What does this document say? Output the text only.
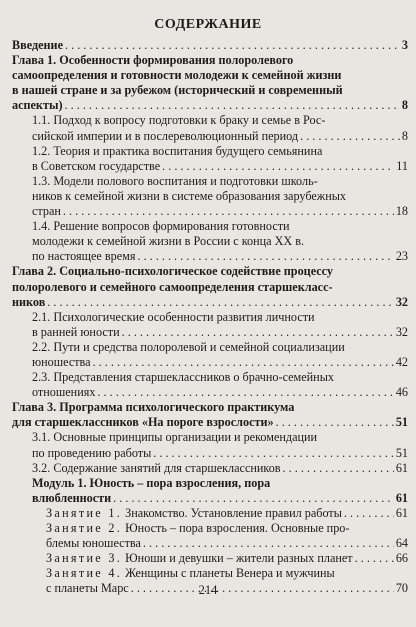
СОДЕРЖАНИЕ
Введение . . .	3
Глава 1. Особенности формирования полоролевого
самоопределения и готовности молодежи к семейной жизни
в нашей стране и за рубежом (исторический и современный
аспекты) . . .	8
1.1. Подход к вопросу подготовки к браку и семье в Рос-
сийской империи и в послереволюционный период . . .	8
1.2. Теория и практика воспитания будущего семьянина
в Советском государстве . . .	11
1.3. Модели полового воспитания и подготовки школь-
ников к семейной жизни в системе образования зарубежных
стран . . .	18
1.4. Решение вопросов формирования готовности
молодежи к семейной жизни в России с конца XX в.
по настоящее время . . .	23
Глава 2. Социально-психологическое содействие процессу
полоролевого и семейного самоопределения старшекласс-
ников . . .	32
2.1. Психологические особенности развития личности
в ранней юности . . .	32
2.2. Пути и средства полоролевой и семейной социализации
юношества . . .	42
2.3. Представления старшеклассников о брачно-семейных
отношениях . . .	46
Глава 3. Программа психологического практикума
для старшеклассников «На пороге взрослости» . . .	51
3.1. Основные принципы организации и рекомендации
по проведению работы . . .	51
3.2. Содержание занятий для старшеклассников . . .	61
Модуль 1. Юность – пора взросления, пора
влюбленности . . .	61
Занятие 1. Знакомство. Установление правил работы . . .	61
Занятие 2. Юность – пора взросления. Основные про-
блемы юношества . . .	64
Занятие 3. Юноши и девушки – жители разных планет . . .	66
Занятие 4. Женщины с планеты Венера и мужчины
с планеты Марс . . .	70
214
